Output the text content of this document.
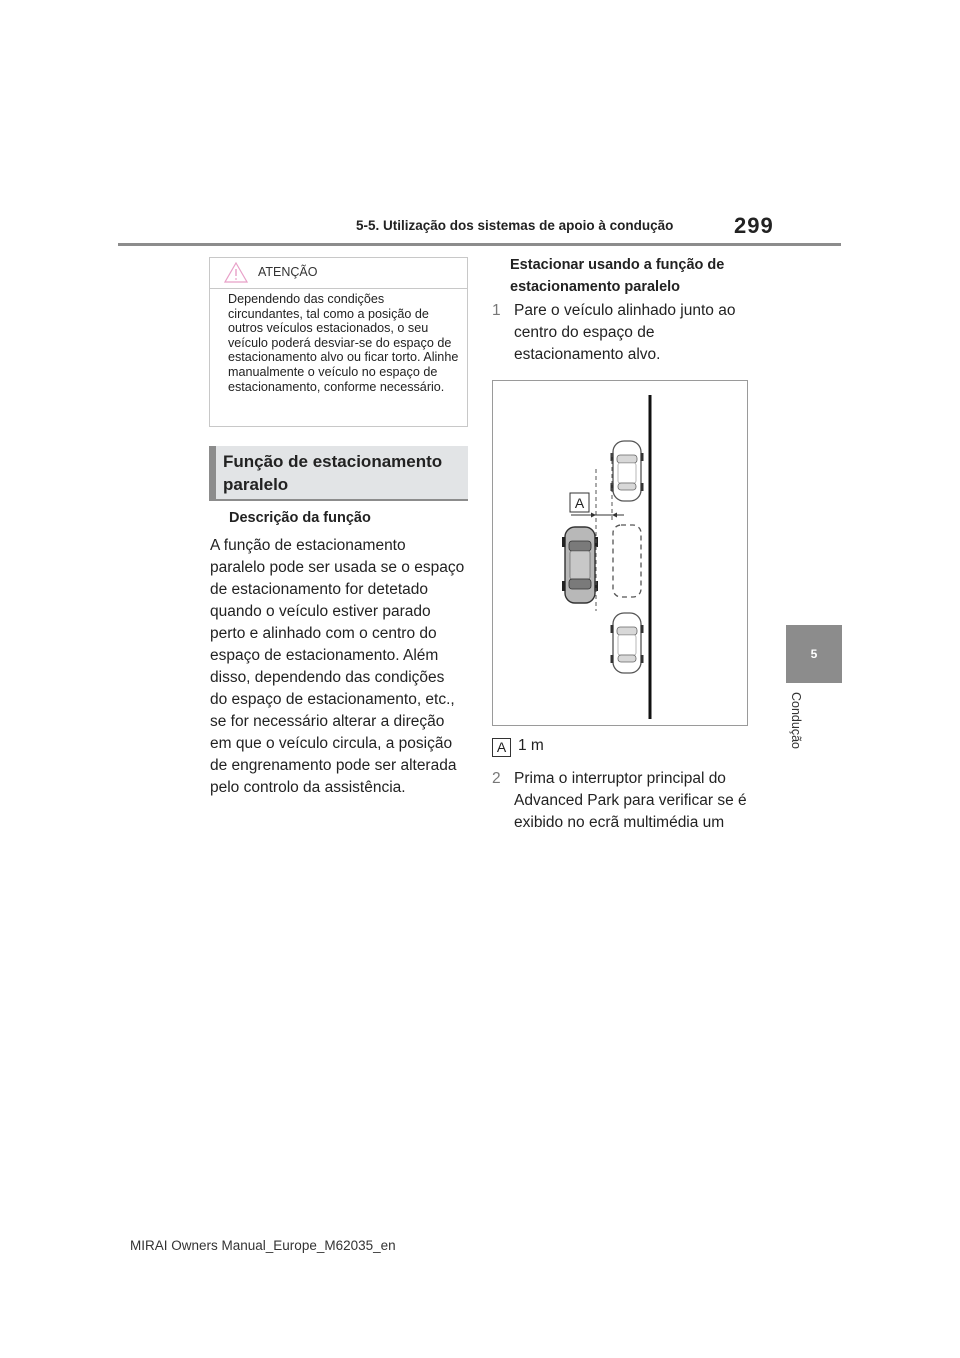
5-5. Utilização dos sistemas de apoio à condução	299
5
Condução
ATENÇÃO
Dependendo das condições circundantes, tal como a posição de outros veículos estacionados, o seu veículo poderá desviar-se do espaço de estacionamento alvo ou ficar torto. Alinhe manualmente o veículo no espaço de estacionamento, conforme necessário.
Função de estacionamento paralelo
Descrição da função
A função de estacionamento paralelo pode ser usada se o espaço de estacionamento for detetado quando o veículo estiver parado perto e alinhado com o centro do espaço de estacionamento. Além disso, dependendo das condições do espaço de estacionamento, etc., se for necessário alterar a direção em que o veículo circula, a posição de engrenamento pode ser alterada pelo controlo da assistência.
Estacionar usando a função de estacionamento paralelo
1 Pare o veículo alinhado junto ao centro do espaço de estacionamento alvo.
A
A 1 m
2 Prima o interruptor principal do Advanced Park para verificar se é exibido no ecrã multimédia um
MIRAI Owners Manual_Europe_M62035_en
